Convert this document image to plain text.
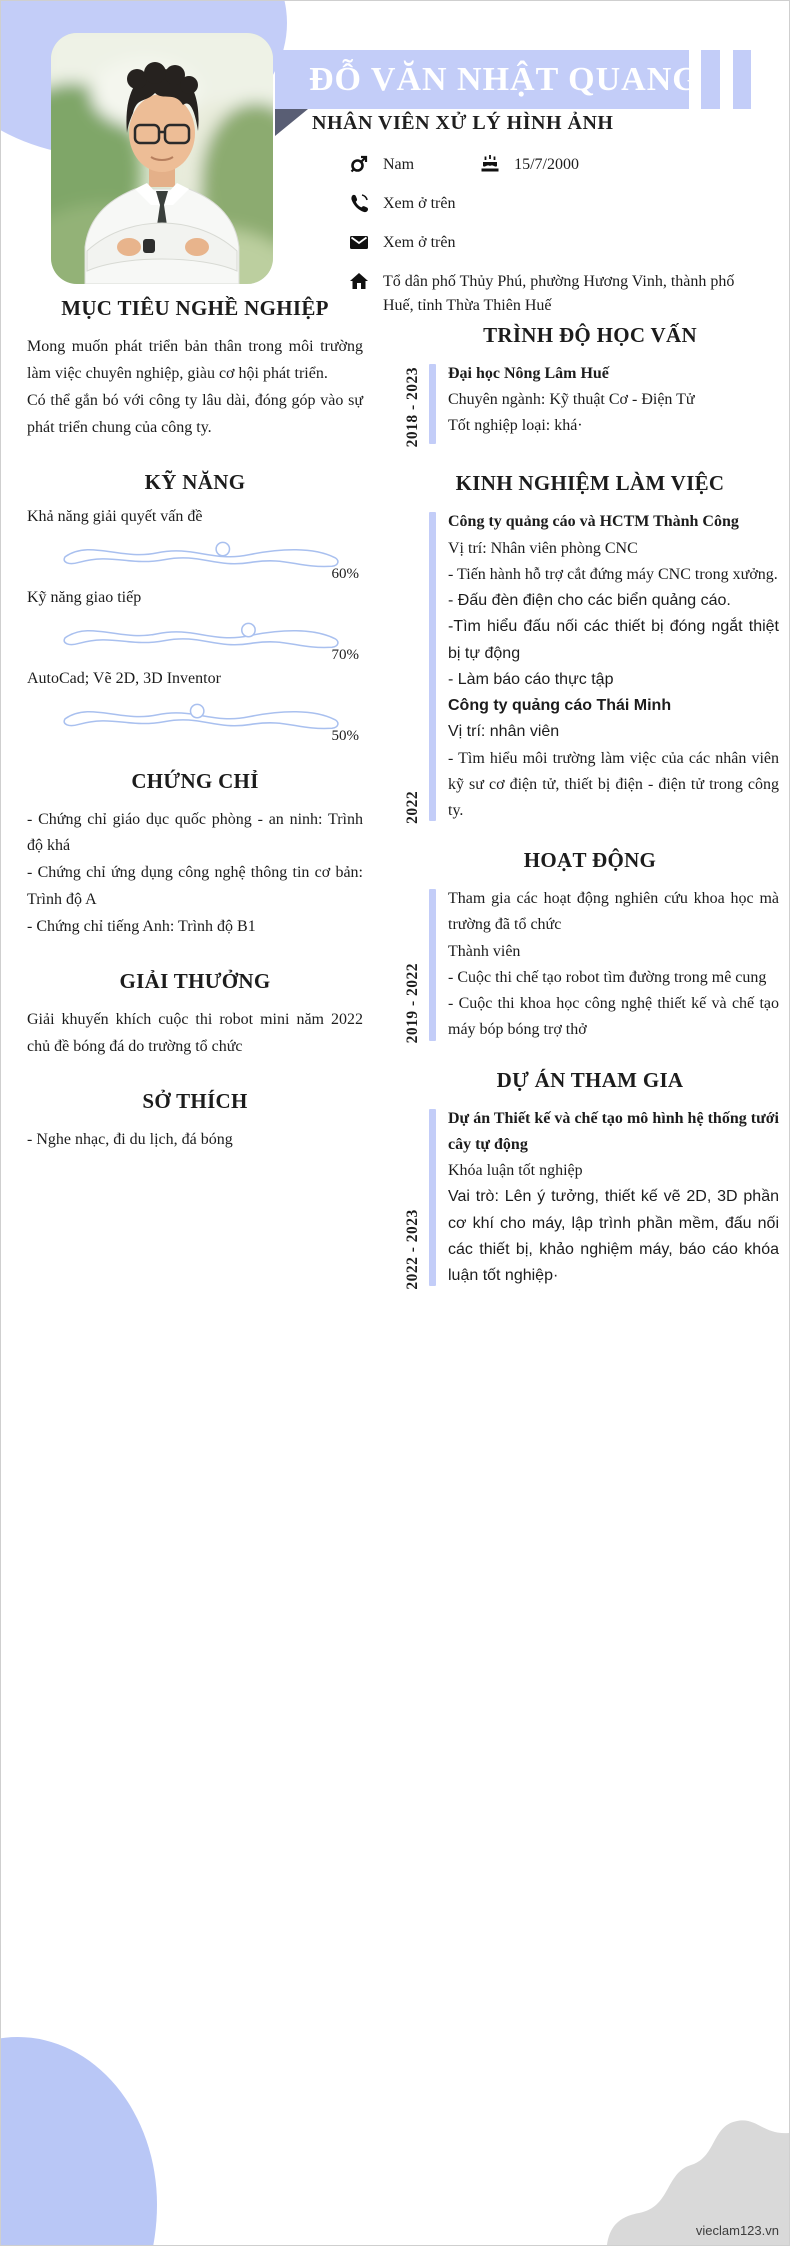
ĐỖ VĂN NHẬT QUANG
NHÂN VIÊN XỬ LÝ HÌNH ẢNH
Nam	15/7/2000
Xem ở trên
Xem ở trên
Tổ dân phố Thủy Phú, phường Hương Vinh, thành phố Huế, tỉnh Thừa Thiên Huế
MỤC TIÊU NGHỀ NGHIỆP
Mong muốn phát triển bản thân trong môi trường làm việc chuyên nghiệp, giàu cơ hội phát triển.
Có thể gắn bó với công ty lâu dài, đóng góp vào sự phát triển chung của công ty.
KỸ NĂNG
Khả năng giải quyết vấn đề
60%
Kỹ năng giao tiếp
70%
AutoCad; Vẽ 2D, 3D Inventor
50%
CHỨNG CHỈ
- Chứng chỉ giáo dục quốc phòng - an ninh: Trình độ khá
- Chứng chỉ ứng dụng công nghệ thông tin cơ bản: Trình độ A
- Chứng chỉ tiếng Anh: Trình độ B1
GIẢI THƯỞNG
Giải khuyến khích cuộc thi robot mini năm 2022 chủ đề bóng đá do trường tổ chức
SỞ THÍCH
- Nghe nhạc, đi du lịch, đá bóng
TRÌNH ĐỘ HỌC VẤN
2018 - 2023 Đại học Nông Lâm Huế
Chuyên ngành: Kỹ thuật Cơ - Điện Tử
Tốt nghiệp loại: khá·
KINH NGHIỆM LÀM VIỆC
2022
Công ty quảng cáo và HCTM Thành Công
Vị trí: Nhân viên phòng CNC
- Tiến hành hỗ trợ cắt đứng máy CNC trong xưởng.
- Đấu đèn điện cho các biển quảng cáo.
-Tìm hiểu đấu nối các thiết bị đóng ngắt thiệt bị tự động
- Làm báo cáo thực tập
Công ty quảng cáo Thái Minh
Vị trí: nhân viên
- Tìm hiểu môi trường làm việc của các nhân viên kỹ sư cơ điện tử, thiết bị điện - điện tử trong công ty.
HOẠT ĐỘNG
2019 - 2022
Tham gia các hoạt động nghiên cứu khoa học mà trường đã tổ chức
Thành viên
- Cuộc thi chế tạo robot tìm đường trong mê cung
- Cuộc thi khoa học công nghệ thiết kế và chế tạo máy bóp bóng trợ thở
DỰ ÁN THAM GIA
2022 - 2023
Dự án Thiết kế và chế tạo mô hình hệ thống tưới cây tự động
Khóa luận tốt nghiệp
Vai trò: Lên ý tưởng, thiết kế vẽ 2D, 3D phần cơ khí cho máy, lập trình phần mềm, đấu nối các thiết bị, khảo nghiệm máy, báo cáo khóa luận tốt nghiệp·
vieclam123.vn
